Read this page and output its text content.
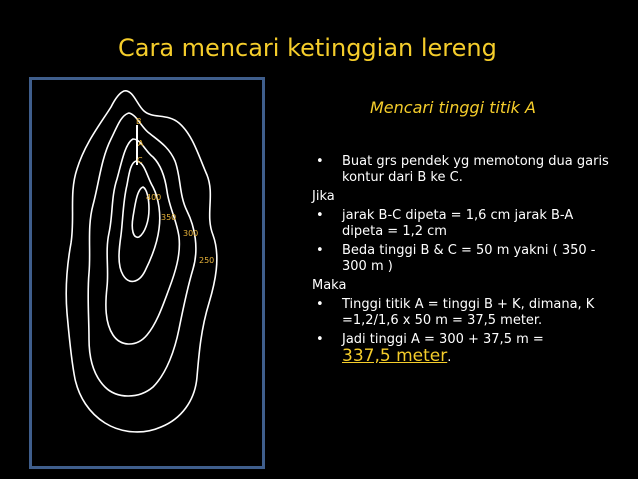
Cara mencari ketinggian lereng
B
A
C
400
350
300
250
Mencari tinggi titik A
• Buat grs pendek yg memotong dua garis kontur dari B ke C.
Jika
• jarak B-C dipeta = 1,6 cm jarak B-A dipeta = 1,2 cm
• Beda tinggi B & C = 50 m yakni ( 350 - 300 m )
Maka
• Tinggi titik A = tinggi B + K, dimana, K =1,2/1,6 x 50 m = 37,5 meter.
• Jadi tinggi A = 300 + 37,5 m =
337,5 meter.
